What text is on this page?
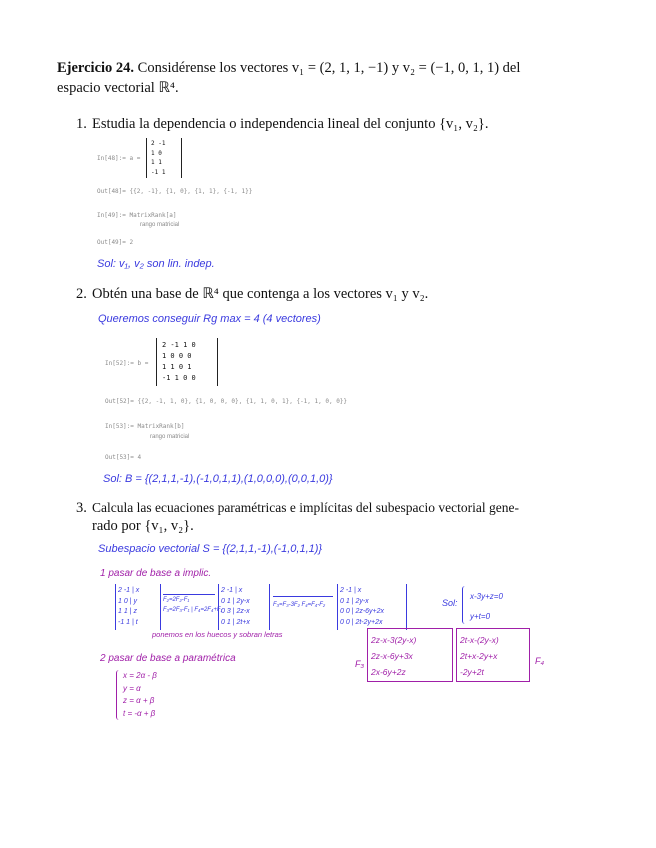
Ejercicio 24. Considérense los vectores v₁ = (2, 1, 1, −1) y v₂ = (−1, 0, 1, 1) del
espacio vectorial ℝ⁴.
1. Estudia la dependencia o independencia lineal del conjunto {v₁, v₂}.
In[48]:= a =
2 -1
1 0
1 1
-1 1
Out[48]= {{2, -1}, {1, 0}, {1, 1}, {-1, 1}}
In[49]:= MatrixRank[a]
rango matricial
Out[49]= 2
Sol: v₁, v₂ son lin. indep.
2. Obtén una base de ℝ⁴ que contenga a los vectores v₁ y v₂.
Queremos conseguir Rg max = 4 (4 vectores)
In[52]:= b =
2 -1 1 0
1 0 0 0
1 1 0 1
-1 1 0 0
Out[52]= {{2, -1, 1, 0}, {1, 0, 0, 0}, {1, 1, 0, 1}, {-1, 1, 0, 0}}
In[53]:= MatrixRank[b]
rango matricial
Out[53]= 4
Sol: B = {(2,1,1,-1),(-1,0,1,1),(1,0,0,0),(0,0,1,0)}
3. Calcula las ecuaciones paramétricas e implícitas del subespacio vectorial gene-
rado por {v₁, v₂}.
Subespacio vectorial S = {(2,1,1,-1),(-1,0,1,1)}
1 pasar de base a implic.
2 -1 | x
1 0 | y
1 1 | z
-1 1 | t
F₂=2F₂-F₁
F₃=2F₃-F₁ | F₄=2F₄+F₁
2 -1 | x
0 1 | 2y-x
0 3 | 2z-x
0 1 | 2t+x
F₃=F₃-3F₂ F₄=F₄-F₂
2 -1 | x
0 1 | 2y-x
0 0 | 2z-6y+2x
0 0 | 2t-2y+2x
Sol:
x-3y+z=0
y+t=0
ponemos en los huecos y sobran letras
F₃
2z-x-3(2y-x)
2z-x-6y+3x
2x-6y+2z
2t-x-(2y-x)
2t+x-2y+x
-2y+2t
F₄
2 pasar de base a paramétrica
x = 2α - β
y = α
z = α + β
t = -α + β
